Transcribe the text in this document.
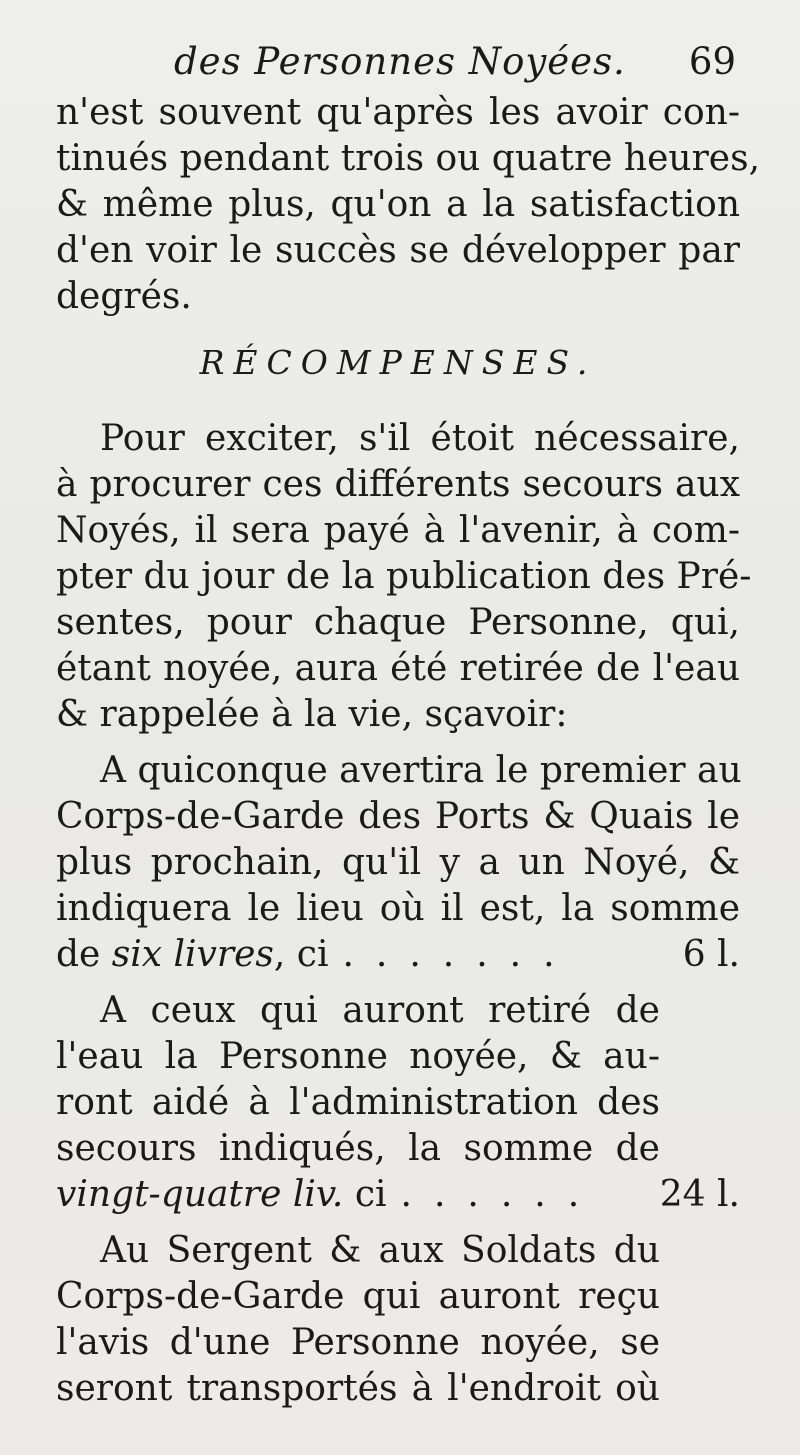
des Personnes Noyées. 69
n'est souvent qu'après les avoir con-
tinués pendant trois ou quatre heures,
& même plus, qu'on a la satisfaction
d'en voir le succès se développer par
degrés.
RÉCOMPENSES.
Pour exciter, s'il étoit nécessaire,
à procurer ces différents secours aux
Noyés, il sera payé à l'avenir, à com-
pter du jour de la publication des Pré-
sentes, pour chaque Personne, qui,
étant noyée, aura été retirée de l'eau
& rappelée à la vie, sçavoir:
A quiconque avertira le premier au
Corps-de-Garde des Ports & Quais le
plus prochain, qu'il y a un Noyé, &
indiquera le lieu où il est, la somme
de six livres, ci .......	6 l.
A ceux qui auront retiré de
l'eau la Personne noyée, & au-
ront aidé à l'administration des
secours indiqués, la somme de
vingt-quatre liv. ci ......	24 l.
Au Sergent & aux Soldats du
Corps-de-Garde qui auront reçu
l'avis d'une Personne noyée, se
seront transportés à l'endroit où
